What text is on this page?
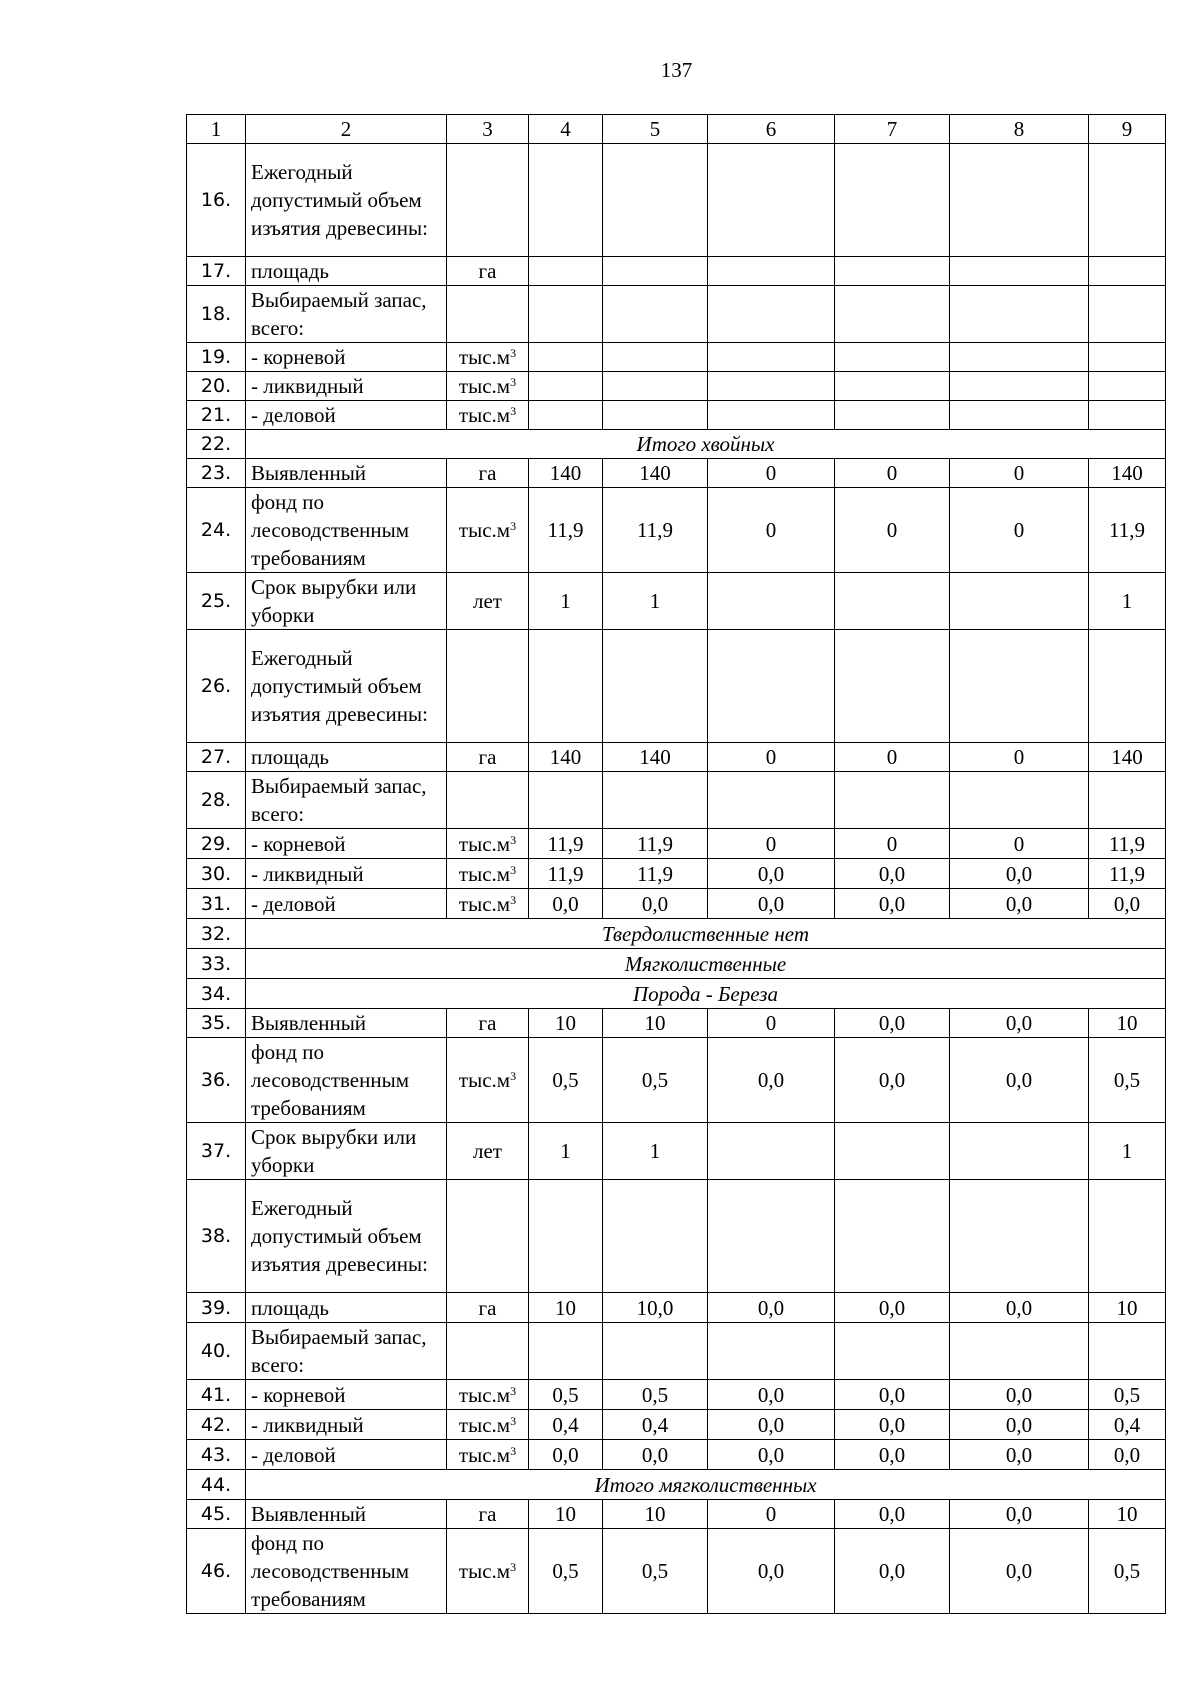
137
1	2	3	4	5	6	7	8	9
16.	Ежегодный допустимый объем изъятия древесины:							
17.	площадь	га						
18.	Выбираемый запас, всего:							
19.	- корневой	$тыс.м^3$						
20.	- ликвидный	$тыс.м^3$						
21.	- деловой	$тыс.м^3$						
22.	Итого хвойных							
23.	Выявленный	га	140	140	0	0	0	140
24.	фонд по лесоводственным требованиям	$тыс.м^3$	11,9	11,9	0	0	0	11,9
25.	Срок вырубки или уборки	лет	1	1				1
26.	Ежегодный допустимый объем изъятия древесины:							
27.	площадь	га	140	140	0	0	0	140
28.	Выбираемый запас, всего:							
29.	- корневой	$тыс.м^3$	11,9	11,9	0	0	0	11,9
30.	- ликвидный	$тыс.м^3$	11,9	11,9	0,0	0,0	0,0	11,9
31.	- деловой	$тыс.м^3$	0,0	0,0	0,0	0,0	0,0	0,0
32.	Твердолиственные нет							
33.	Мягколиственные							
34.	Порода - Береза							
35.	Выявленный	га	10	10	0	0,0	0,0	10
36.	фонд по лесоводственным требованиям	$тыс.м^3$	0,5	0,5	0,0	0,0	0,0	0,5
37.	Срок вырубки или уборки	лет	1	1				1
38.	Ежегодный допустимый объем изъятия древесины:							
39.	площадь	га	10	10,0	0,0	0,0	0,0	10
40.	Выбираемый запас, всего:							
41.	- корневой	$тыс.м^3$	0,5	0,5	0,0	0,0	0,0	0,5
42.	- ликвидный	$тыс.м^3$	0,4	0,4	0,0	0,0	0,0	0,4
43.	- деловой	$тыс.м^3$	0,0	0,0	0,0	0,0	0,0	0,0
44.	Итого мягколиственных							
45.	Выявленный	га	10	10	0	0,0	0,0	10
46.	фонд по лесоводственным требованиям	$тыс.м^3$	0,5	0,5	0,0	0,0	0,0	0,5
